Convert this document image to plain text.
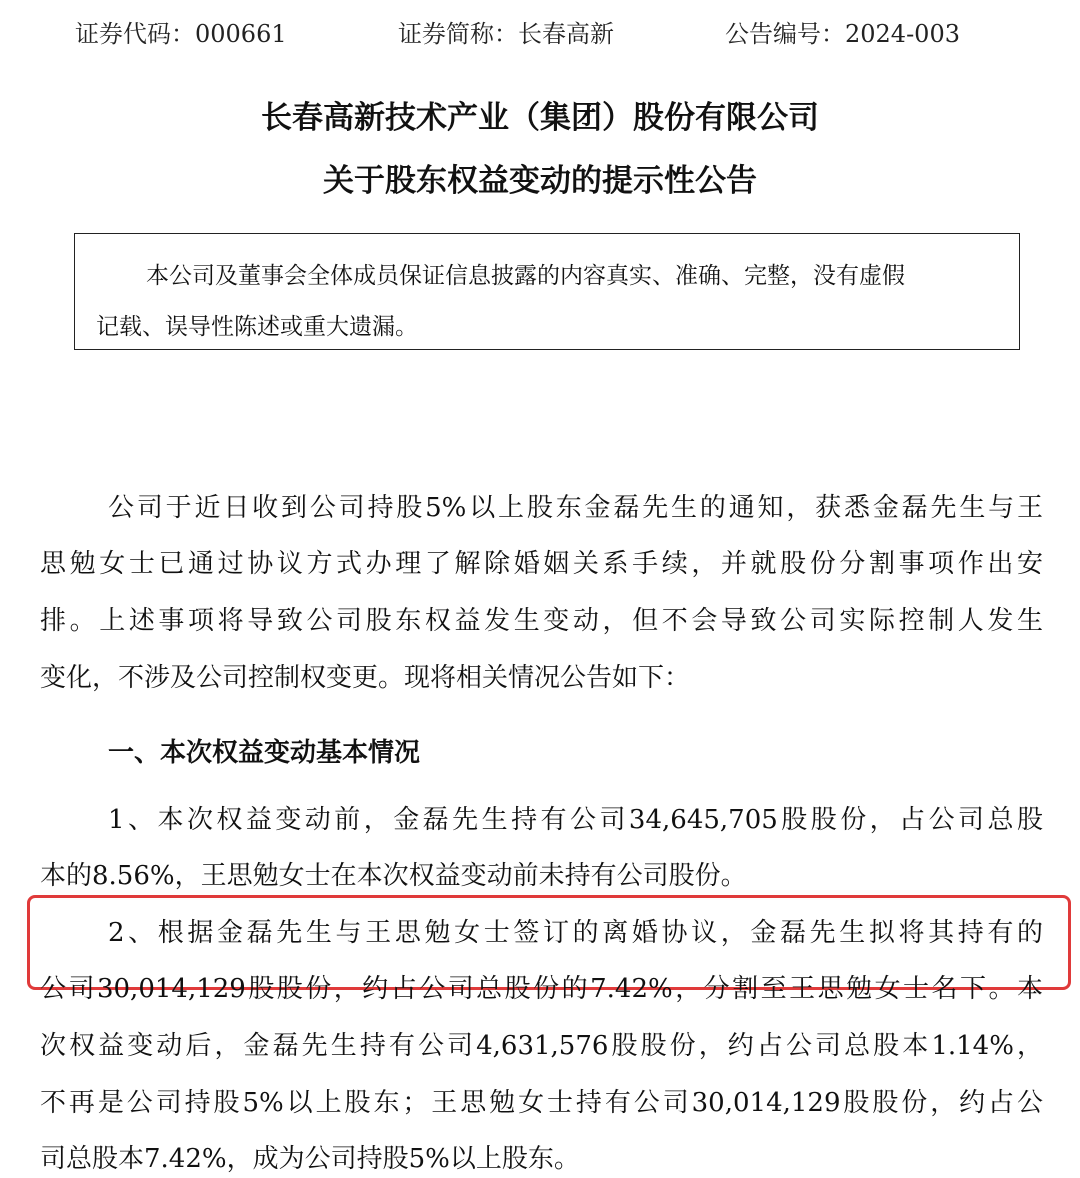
证券代码：000661	证券简称：长春高新	公告编号：2024-003
长春高新技术产业（集团）股份有限公司
关于股东权益变动的提示性公告
本公司及董事会全体成员保证信息披露的内容真实、准确、完整，没有虚假
记载、误导性陈述或重大遗漏。
公司于近日收到公司持股5%以上股东金磊先生的通知，获悉金磊先生与王
思勉女士已通过协议方式办理了解除婚姻关系手续，并就股份分割事项作出安
排。上述事项将导致公司股东权益发生变动，但不会导致公司实际控制人发生
变化，不涉及公司控制权变更。现将相关情况公告如下：
一、本次权益变动基本情况
1、本次权益变动前，金磊先生持有公司34,645,705股股份，占公司总股
本的8.56%，王思勉女士在本次权益变动前未持有公司股份。
2、根据金磊先生与王思勉女士签订的离婚协议，金磊先生拟将其持有的
公司30,014,129股股份，约占公司总股份的7.42%，分割至王思勉女士名下。本
次权益变动后，金磊先生持有公司4,631,576股股份，约占公司总股本1.14%，
不再是公司持股5%以上股东；王思勉女士持有公司30,014,129股股份，约占公
司总股本7.42%，成为公司持股5%以上股东。
